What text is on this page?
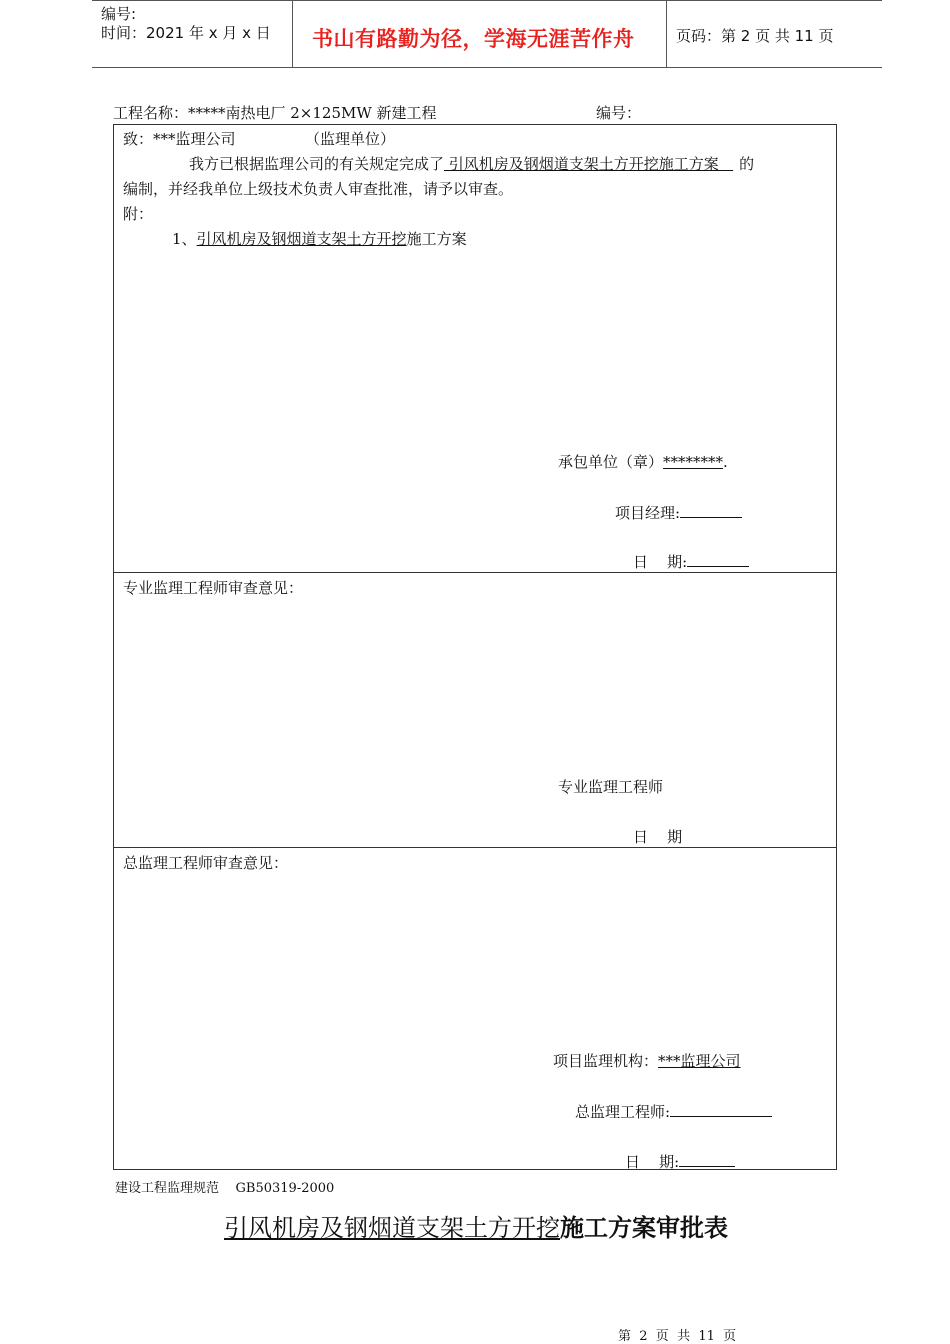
编号:
时间：2021 年 x 月 x 日 书山有路勤为径，学海无涯苦作舟	页码：第 2 页 共 11 页
工程名称：*****南热电厂 2×125MW 新建工程	编号：
致：***监理公司	（监理单位）
我方已根据监理公司的有关规定完成了 引风机房及钢烟道支架土方开挖施工方案   的
编制，并经我单位上级技术负责人审查批准，请予以审查。
附：
1、引风机房及钢烟道支架土方开挖施工方案
承包单位（章）********.
项目经理:
日    期:
专业监理工程师审查意见：
专业监理工程师
日    期
总监理工程师审查意见：
项目监理机构：***监理公司
总监理工程师:
日    期:
建设工程监理规范    GB50319-2000
引风机房及钢烟道支架土方开挖施工方案审批表
第  2  页  共  11  页
